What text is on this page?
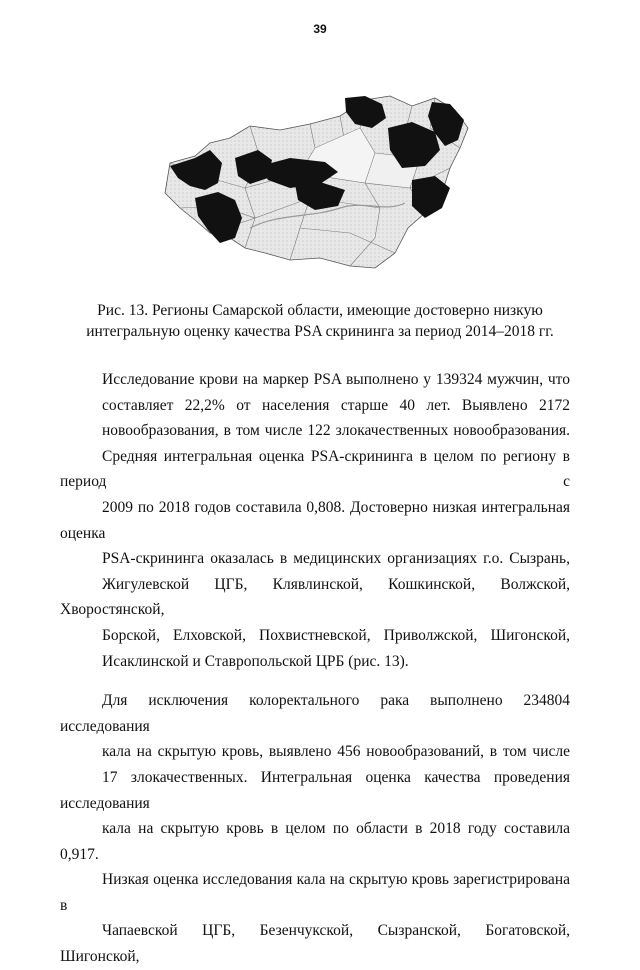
39
Рис. 13. Регионы Самарской области, имеющие достоверно низкую
интегральную оценку качества PSA скрининга за период 2014–2018 гг.

Исследование крови на маркер PSA выполнено у 139324 мужчин, что
составляет 22,2% от населения старше 40 лет. Выявлено 2172
новообразования, в том числе 122 злокачественных новообразования.
Средняя интегральная оценка PSA-скрининга в целом по региону в период с
2009 по 2018 годов составила 0,808. Достоверно низкая интегральная оценка
PSA-скрининга оказалась в медицинских организациях г.о. Сызрань,
Жигулевской ЦГБ, Клявлинской, Кошкинской, Волжской, Хворостянской,
Борской, Елховской, Похвистневской, Приволжской, Шигонской,
Исаклинской и Ставропольской ЦРБ (рис. 13).

Для исключения колоректального рака выполнено 234804 исследования
кала на скрытую кровь, выявлено 456 новообразований, в том числе
17 злокачественных. Интегральная оценка качества проведения исследования
кала на скрытую кровь в целом по области в 2018 году составила 0,917.
Низкая оценка исследования кала на скрытую кровь зарегистрирована в
Чапаевской ЦГБ, Безенчукской, Сызранской, Богатовской, Шигонской,
